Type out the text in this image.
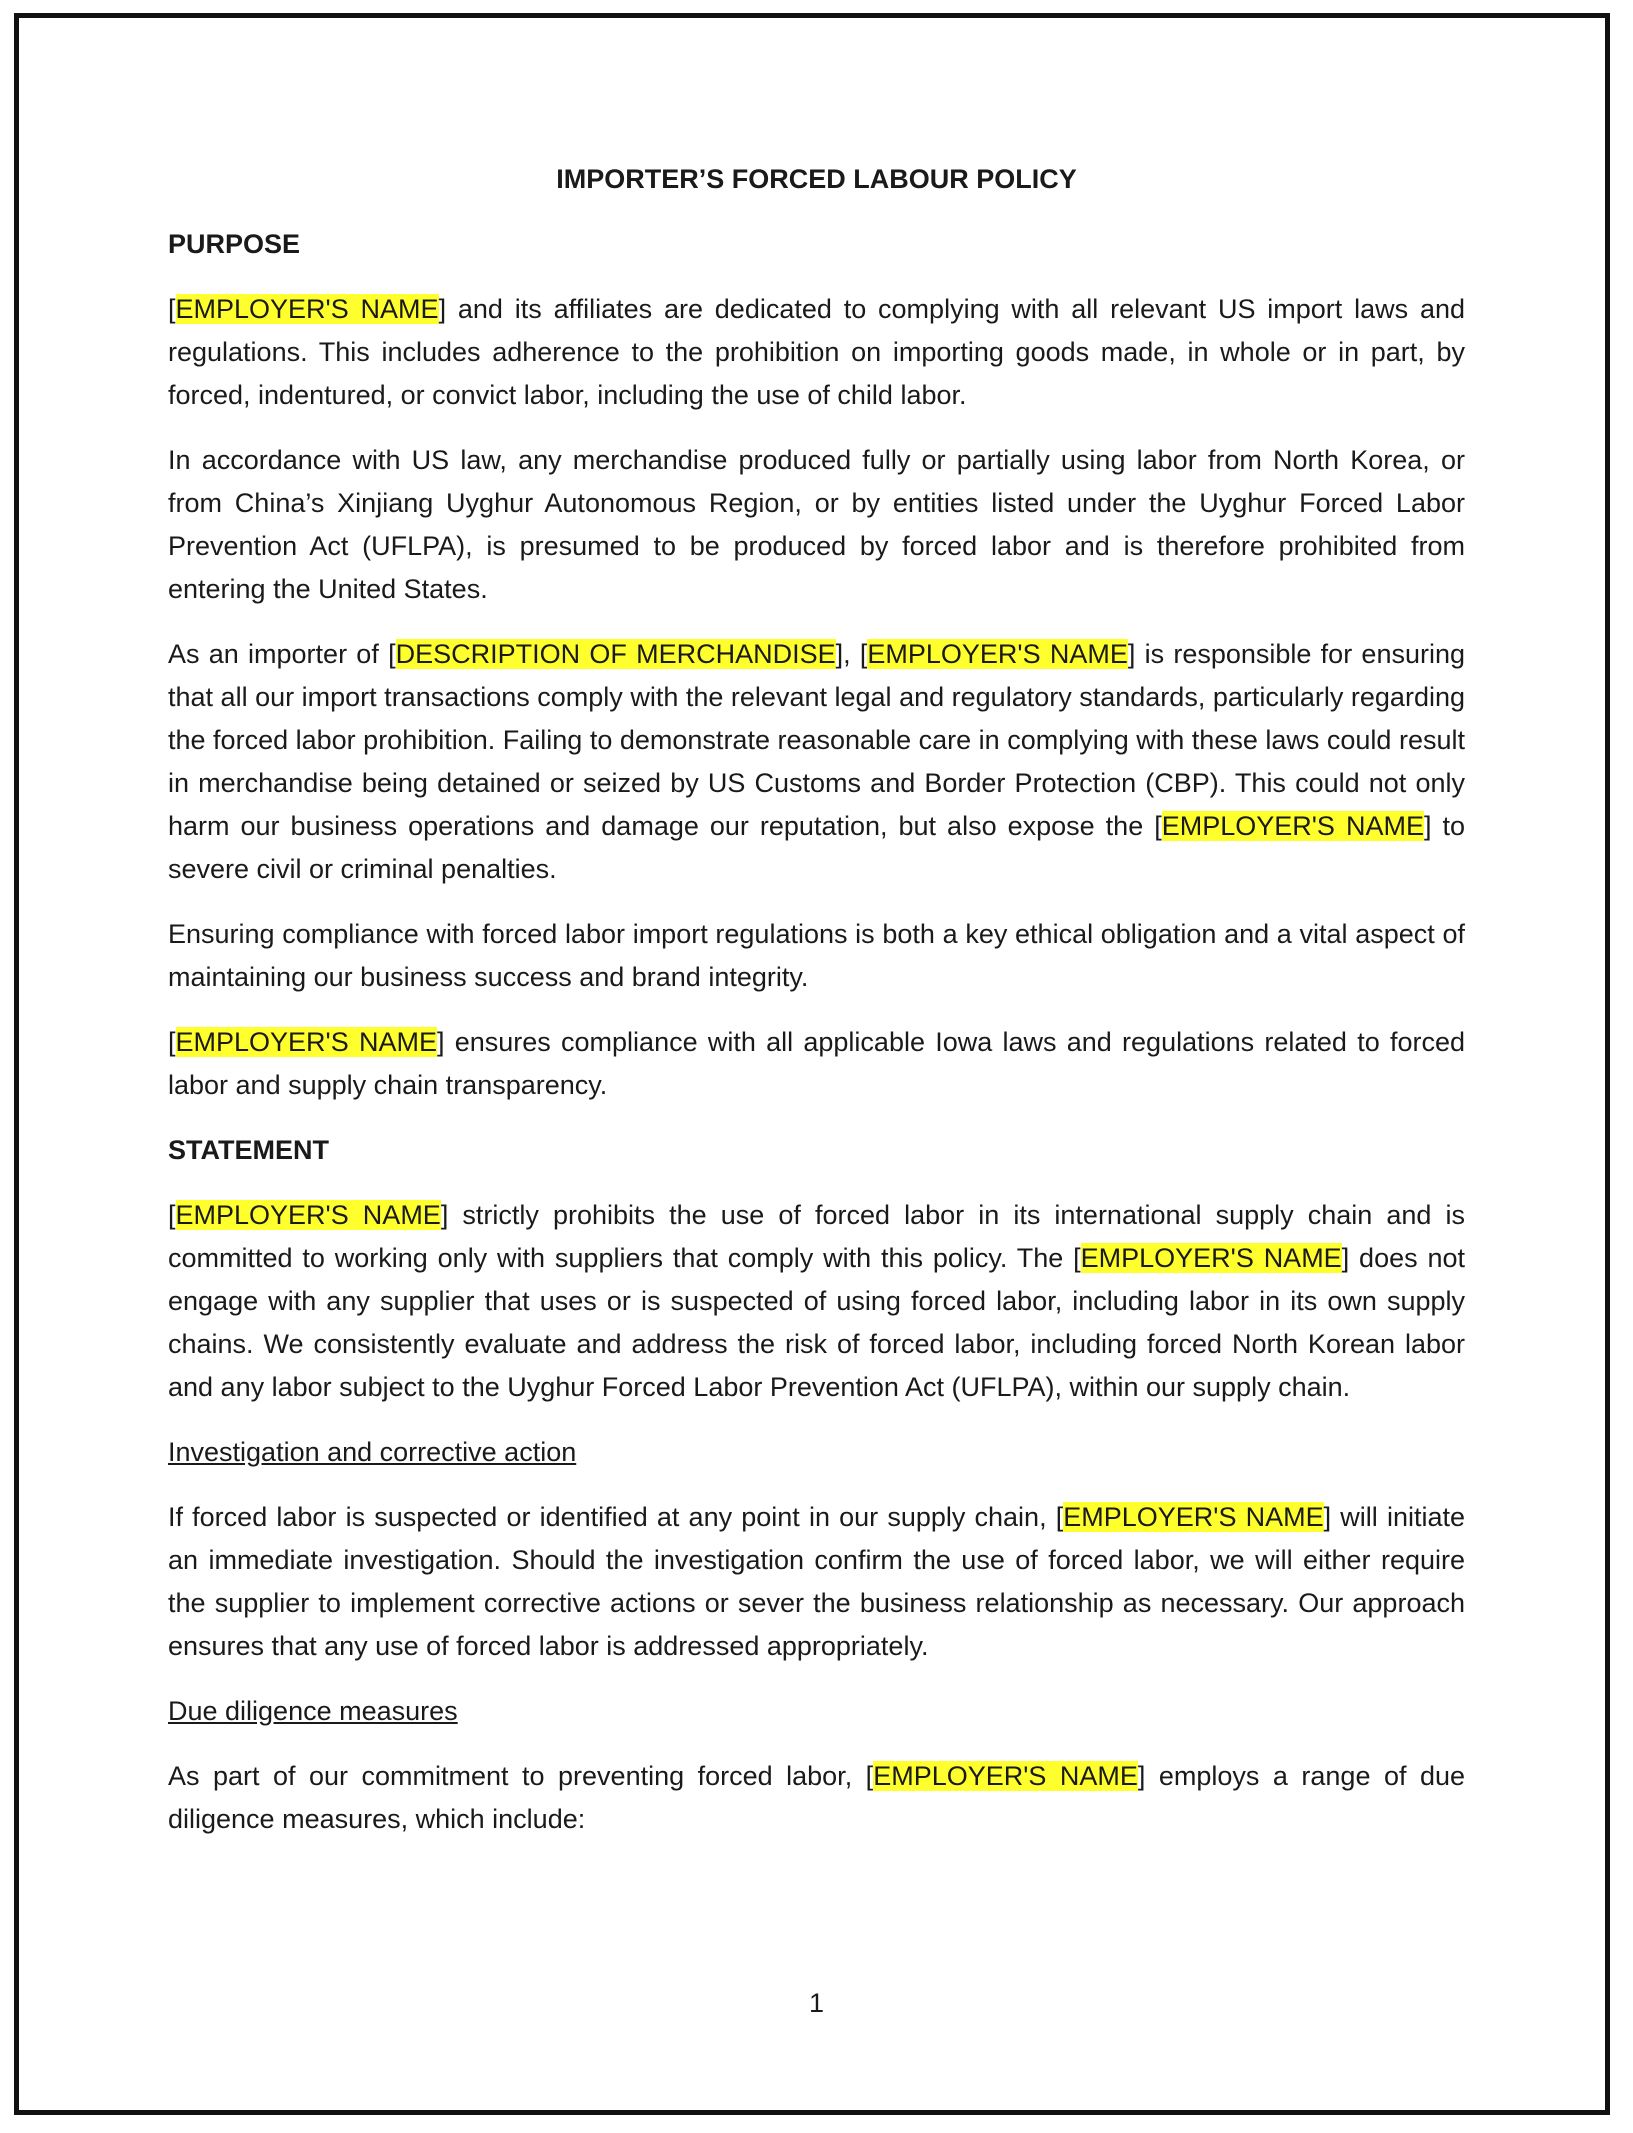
IMPORTER’S FORCED LABOUR POLICY
PURPOSE

[EMPLOYER'S NAME] and its affiliates are dedicated to complying with all relevant US import laws and regulations. This includes adherence to the prohibition on importing goods made, in whole or in part, by forced, indentured, or convict labor, including the use of child labor.

In accordance with US law, any merchandise produced fully or partially using labor from North Korea, or from China’s Xinjiang Uyghur Autonomous Region, or by entities listed under the Uyghur Forced Labor Prevention Act (UFLPA), is presumed to be produced by forced labor and is therefore prohibited from entering the United States.

As an importer of [DESCRIPTION OF MERCHANDISE], [EMPLOYER'S NAME] is responsible for ensuring that all our import transactions comply with the relevant legal and regulatory standards, particularly regarding the forced labor prohibition. Failing to demonstrate reasonable care in complying with these laws could result in merchandise being detained or seized by US Customs and Border Protection (CBP). This could not only harm our business operations and damage our reputation, but also expose the [EMPLOYER'S NAME] to severe civil or criminal penalties.

Ensuring compliance with forced labor import regulations is both a key ethical obligation and a vital aspect of maintaining our business success and brand integrity.

[EMPLOYER'S NAME] ensures compliance with all applicable Iowa laws and regulations related to forced labor and supply chain transparency.

STATEMENT

[EMPLOYER'S NAME] strictly prohibits the use of forced labor in its international supply chain and is committed to working only with suppliers that comply with this policy. The [EMPLOYER'S NAME] does not engage with any supplier that uses or is suspected of using forced labor, including labor in its own supply chains. We consistently evaluate and address the risk of forced labor, including forced North Korean labor and any labor subject to the Uyghur Forced Labor Prevention Act (UFLPA), within our supply chain.

Investigation and corrective action

If forced labor is suspected or identified at any point in our supply chain, [EMPLOYER'S NAME] will initiate an immediate investigation. Should the investigation confirm the use of forced labor, we will either require the supplier to implement corrective actions or sever the business relationship as necessary. Our approach ensures that any use of forced labor is addressed appropriately.

Due diligence measures

As part of our commitment to preventing forced labor, [EMPLOYER'S NAME] employs a range of due diligence measures, which include:

1
